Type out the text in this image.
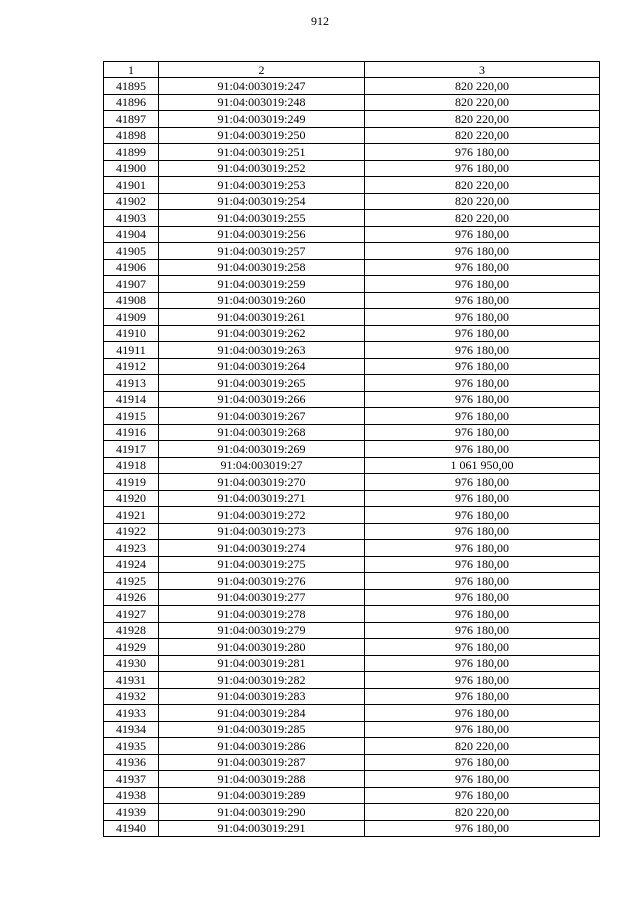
912
1	2	3
41895	91:04:003019:247	820 220,00
41896	91:04:003019:248	820 220,00
41897	91:04:003019:249	820 220,00
41898	91:04:003019:250	820 220,00
41899	91:04:003019:251	976 180,00
41900	91:04:003019:252	976 180,00
41901	91:04:003019:253	820 220,00
41902	91:04:003019:254	820 220,00
41903	91:04:003019:255	820 220,00
41904	91:04:003019:256	976 180,00
41905	91:04:003019:257	976 180,00
41906	91:04:003019:258	976 180,00
41907	91:04:003019:259	976 180,00
41908	91:04:003019:260	976 180,00
41909	91:04:003019:261	976 180,00
41910	91:04:003019:262	976 180,00
41911	91:04:003019:263	976 180,00
41912	91:04:003019:264	976 180,00
41913	91:04:003019:265	976 180,00
41914	91:04:003019:266	976 180,00
41915	91:04:003019:267	976 180,00
41916	91:04:003019:268	976 180,00
41917	91:04:003019:269	976 180,00
41918	91:04:003019:27	1 061 950,00
41919	91:04:003019:270	976 180,00
41920	91:04:003019:271	976 180,00
41921	91:04:003019:272	976 180,00
41922	91:04:003019:273	976 180,00
41923	91:04:003019:274	976 180,00
41924	91:04:003019:275	976 180,00
41925	91:04:003019:276	976 180,00
41926	91:04:003019:277	976 180,00
41927	91:04:003019:278	976 180,00
41928	91:04:003019:279	976 180,00
41929	91:04:003019:280	976 180,00
41930	91:04:003019:281	976 180,00
41931	91:04:003019:282	976 180,00
41932	91:04:003019:283	976 180,00
41933	91:04:003019:284	976 180,00
41934	91:04:003019:285	976 180,00
41935	91:04:003019:286	820 220,00
41936	91:04:003019:287	976 180,00
41937	91:04:003019:288	976 180,00
41938	91:04:003019:289	976 180,00
41939	91:04:003019:290	820 220,00
41940	91:04:003019:291	976 180,00
